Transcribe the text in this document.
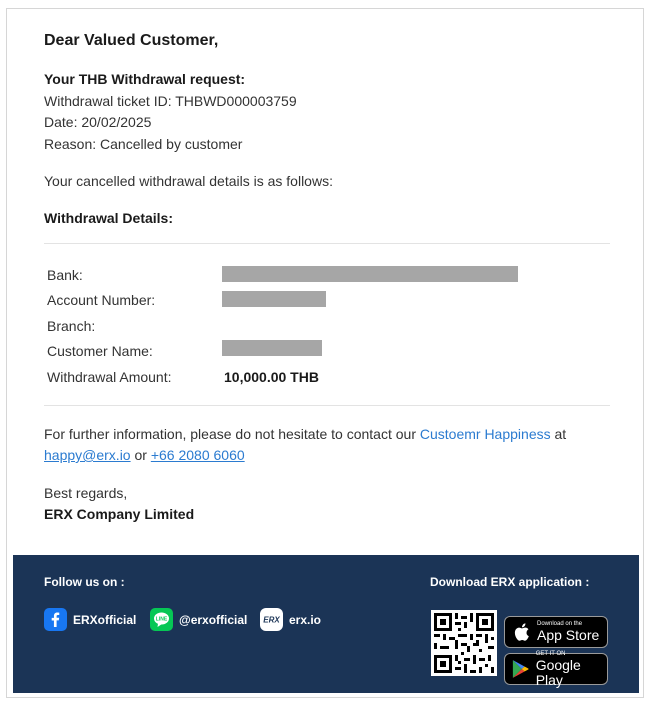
Dear Valued Customer,
Your THB Withdrawal request:
Withdrawal ticket ID: THBWD000003759
Date: 20/02/2025
Reason: Cancelled by customer
Your cancelled withdrawal details is as follows:
Withdrawal Details:
Bank:
Account Number:
Branch:
Customer Name:
Withdrawal Amount:	10,000.00 THB
For further information, please do not hesitate to contact our Custoemr Happiness at
happy@erx.io or +66 2080 6060
Best regards,
ERX Company Limited
Follow us on :	Download ERX application :
ERXofficial	LINE @erxofficial ERX erx.io	Download on the
App Store
GET IT ON
Google Play
